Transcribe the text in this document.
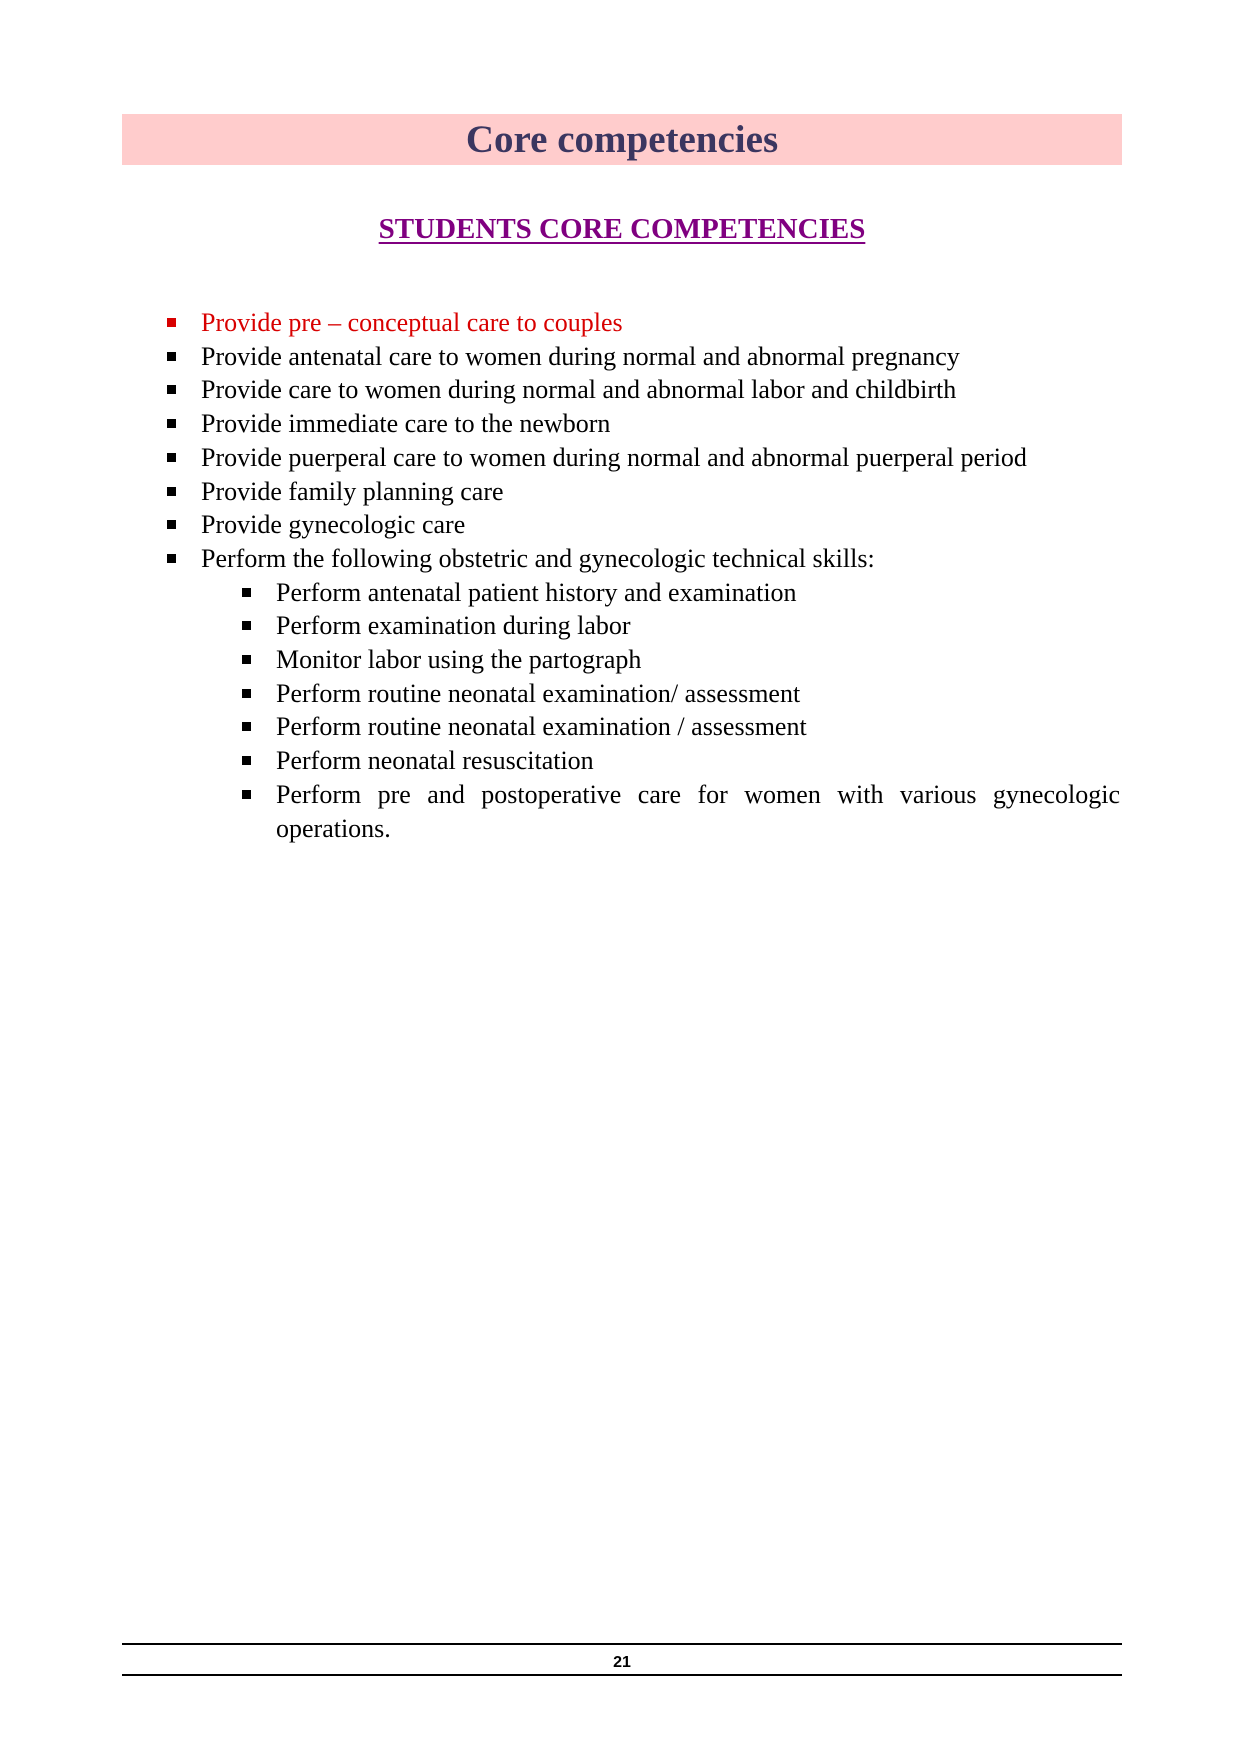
Core competencies
STUDENTS CORE COMPETENCIES
Provide pre – conceptual care to couples
Provide antenatal care to women during normal and abnormal pregnancy
Provide care to women during normal and abnormal labor and childbirth
Provide immediate care to the newborn
Provide puerperal care to women during normal and abnormal puerperal period
Provide family planning care
Provide gynecologic care
Perform the following obstetric and gynecologic technical skills:
Perform antenatal patient history and examination
Perform examination during labor
Monitor labor using the partograph
Perform routine neonatal examination/ assessment
Perform routine neonatal examination / assessment
Perform neonatal resuscitation
Perform pre and postoperative care for women with various gynecologic operations.
21
